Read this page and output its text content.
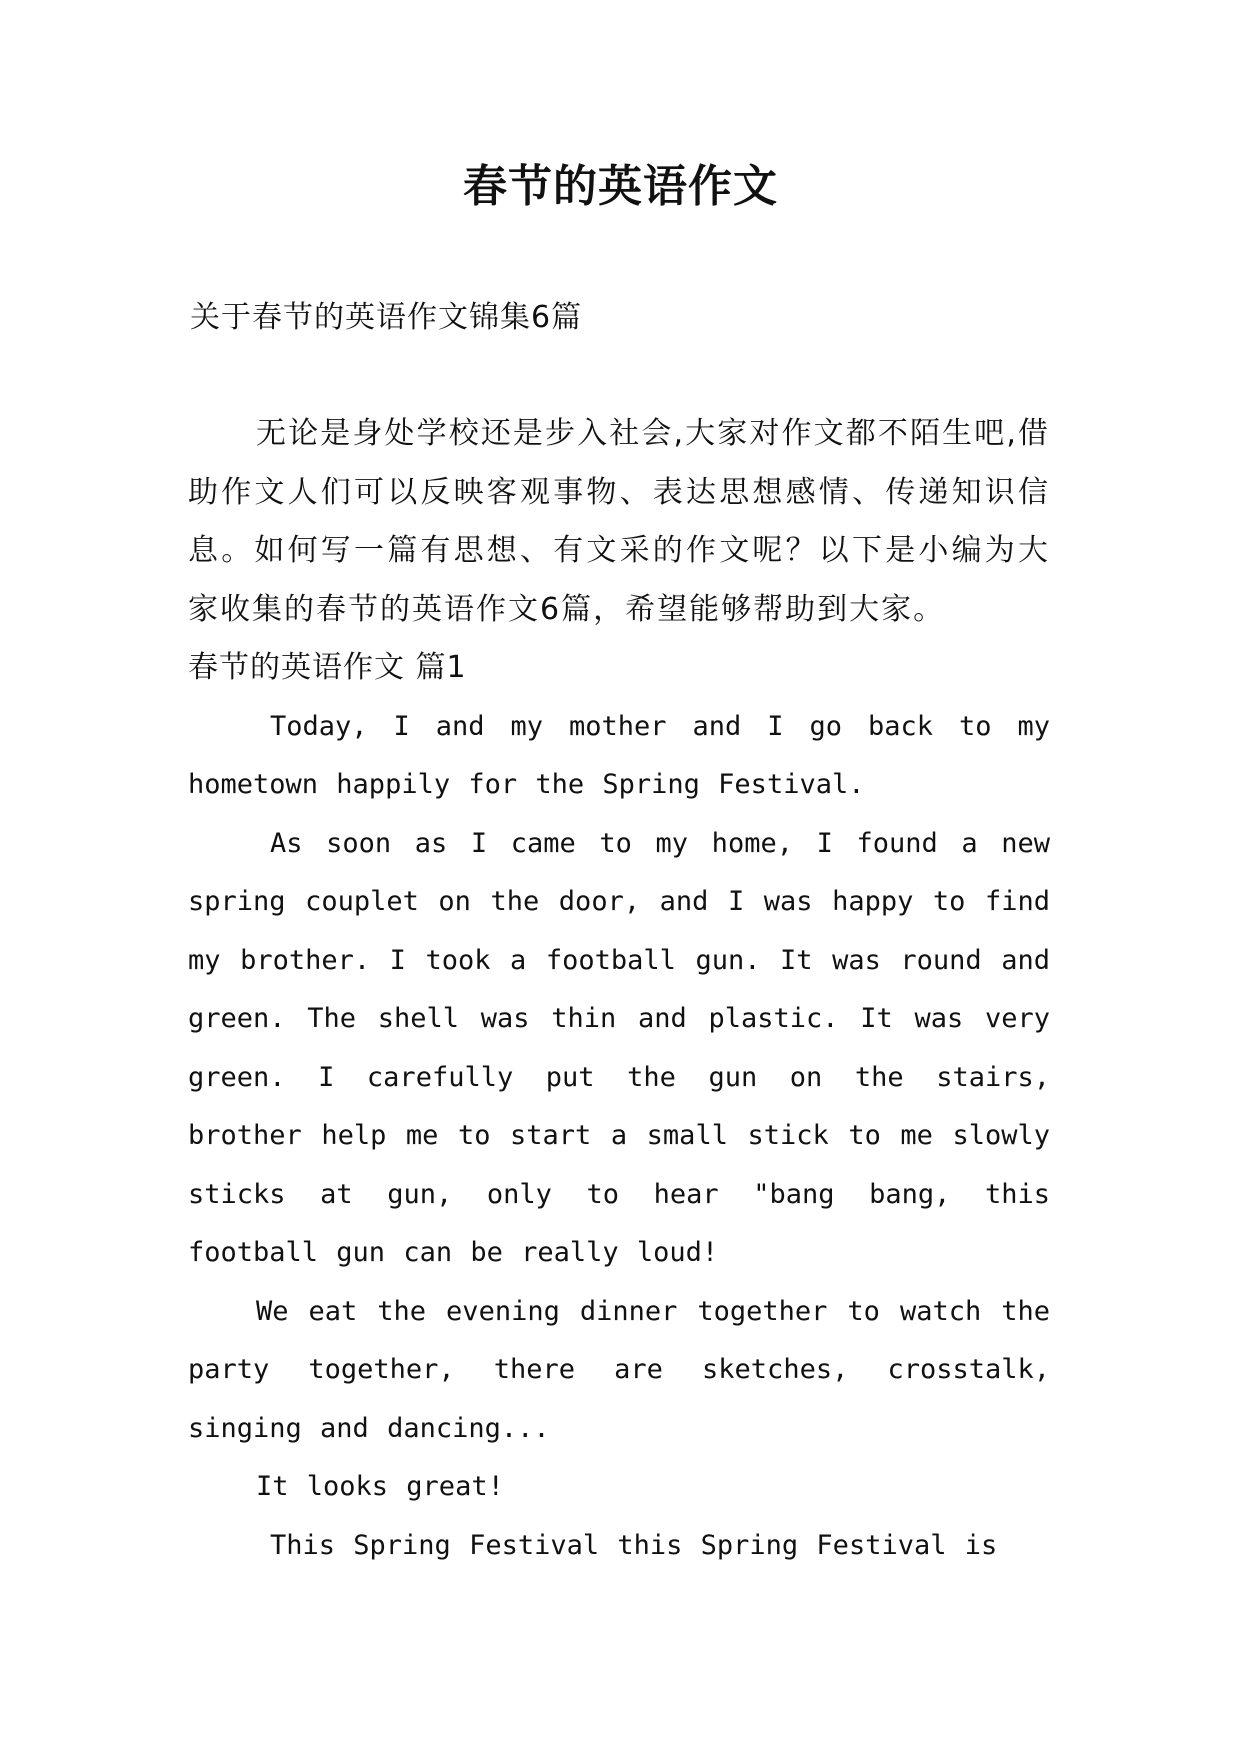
春节的英语作文
关于春节的英语作文锦集6篇

无论是身处学校还是步入社会,大家对作文都不陌生吧,借助作文人们可以反映客观事物、表达思想感情、传递知识信息。如何写一篇有思想、有文采的作文呢？以下是小编为大家收集的春节的英语作文6篇，希望能够帮助到大家。

春节的英语作文 篇1

Today, I and my mother and I go back to my hometown happily for the Spring Festival.

As soon as I came to my home, I found a new spring couplet on the door, and I was happy to find my brother. I took a football gun. It was round and green. The shell was thin and plastic. It was very green. I carefully put the gun on the stairs, brother help me to start a small stick to me slowly sticks at gun, only to hear "bang bang, this football gun can be really loud!

We eat the evening dinner together to watch the party together, there are sketches, crosstalk, singing and dancing...

It looks great!

This Spring Festival this Spring Festival is
